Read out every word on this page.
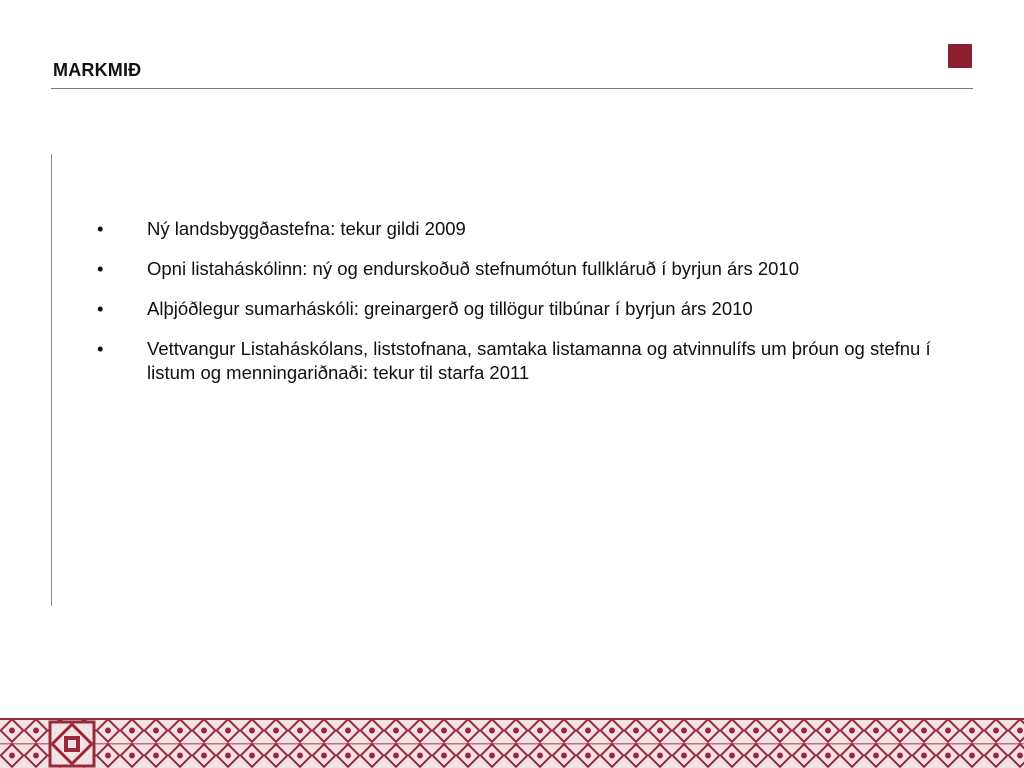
MARKMIÐ
• Ný landsbyggðastefna: tekur gildi 2009
• Opni listaháskólinn: ný og endurskoðuð stefnumótun fullkláruð í byrjun árs 2010
• Alþjóðlegur sumarháskóli: greinargerð og tillögur tilbúnar í byrjun árs 2010
• Vettvangur Listaháskólans, liststofnana, samtaka listamanna og atvinnulífs um þróun og stefnu í listum og menningariðnaði: tekur til starfa 2011
